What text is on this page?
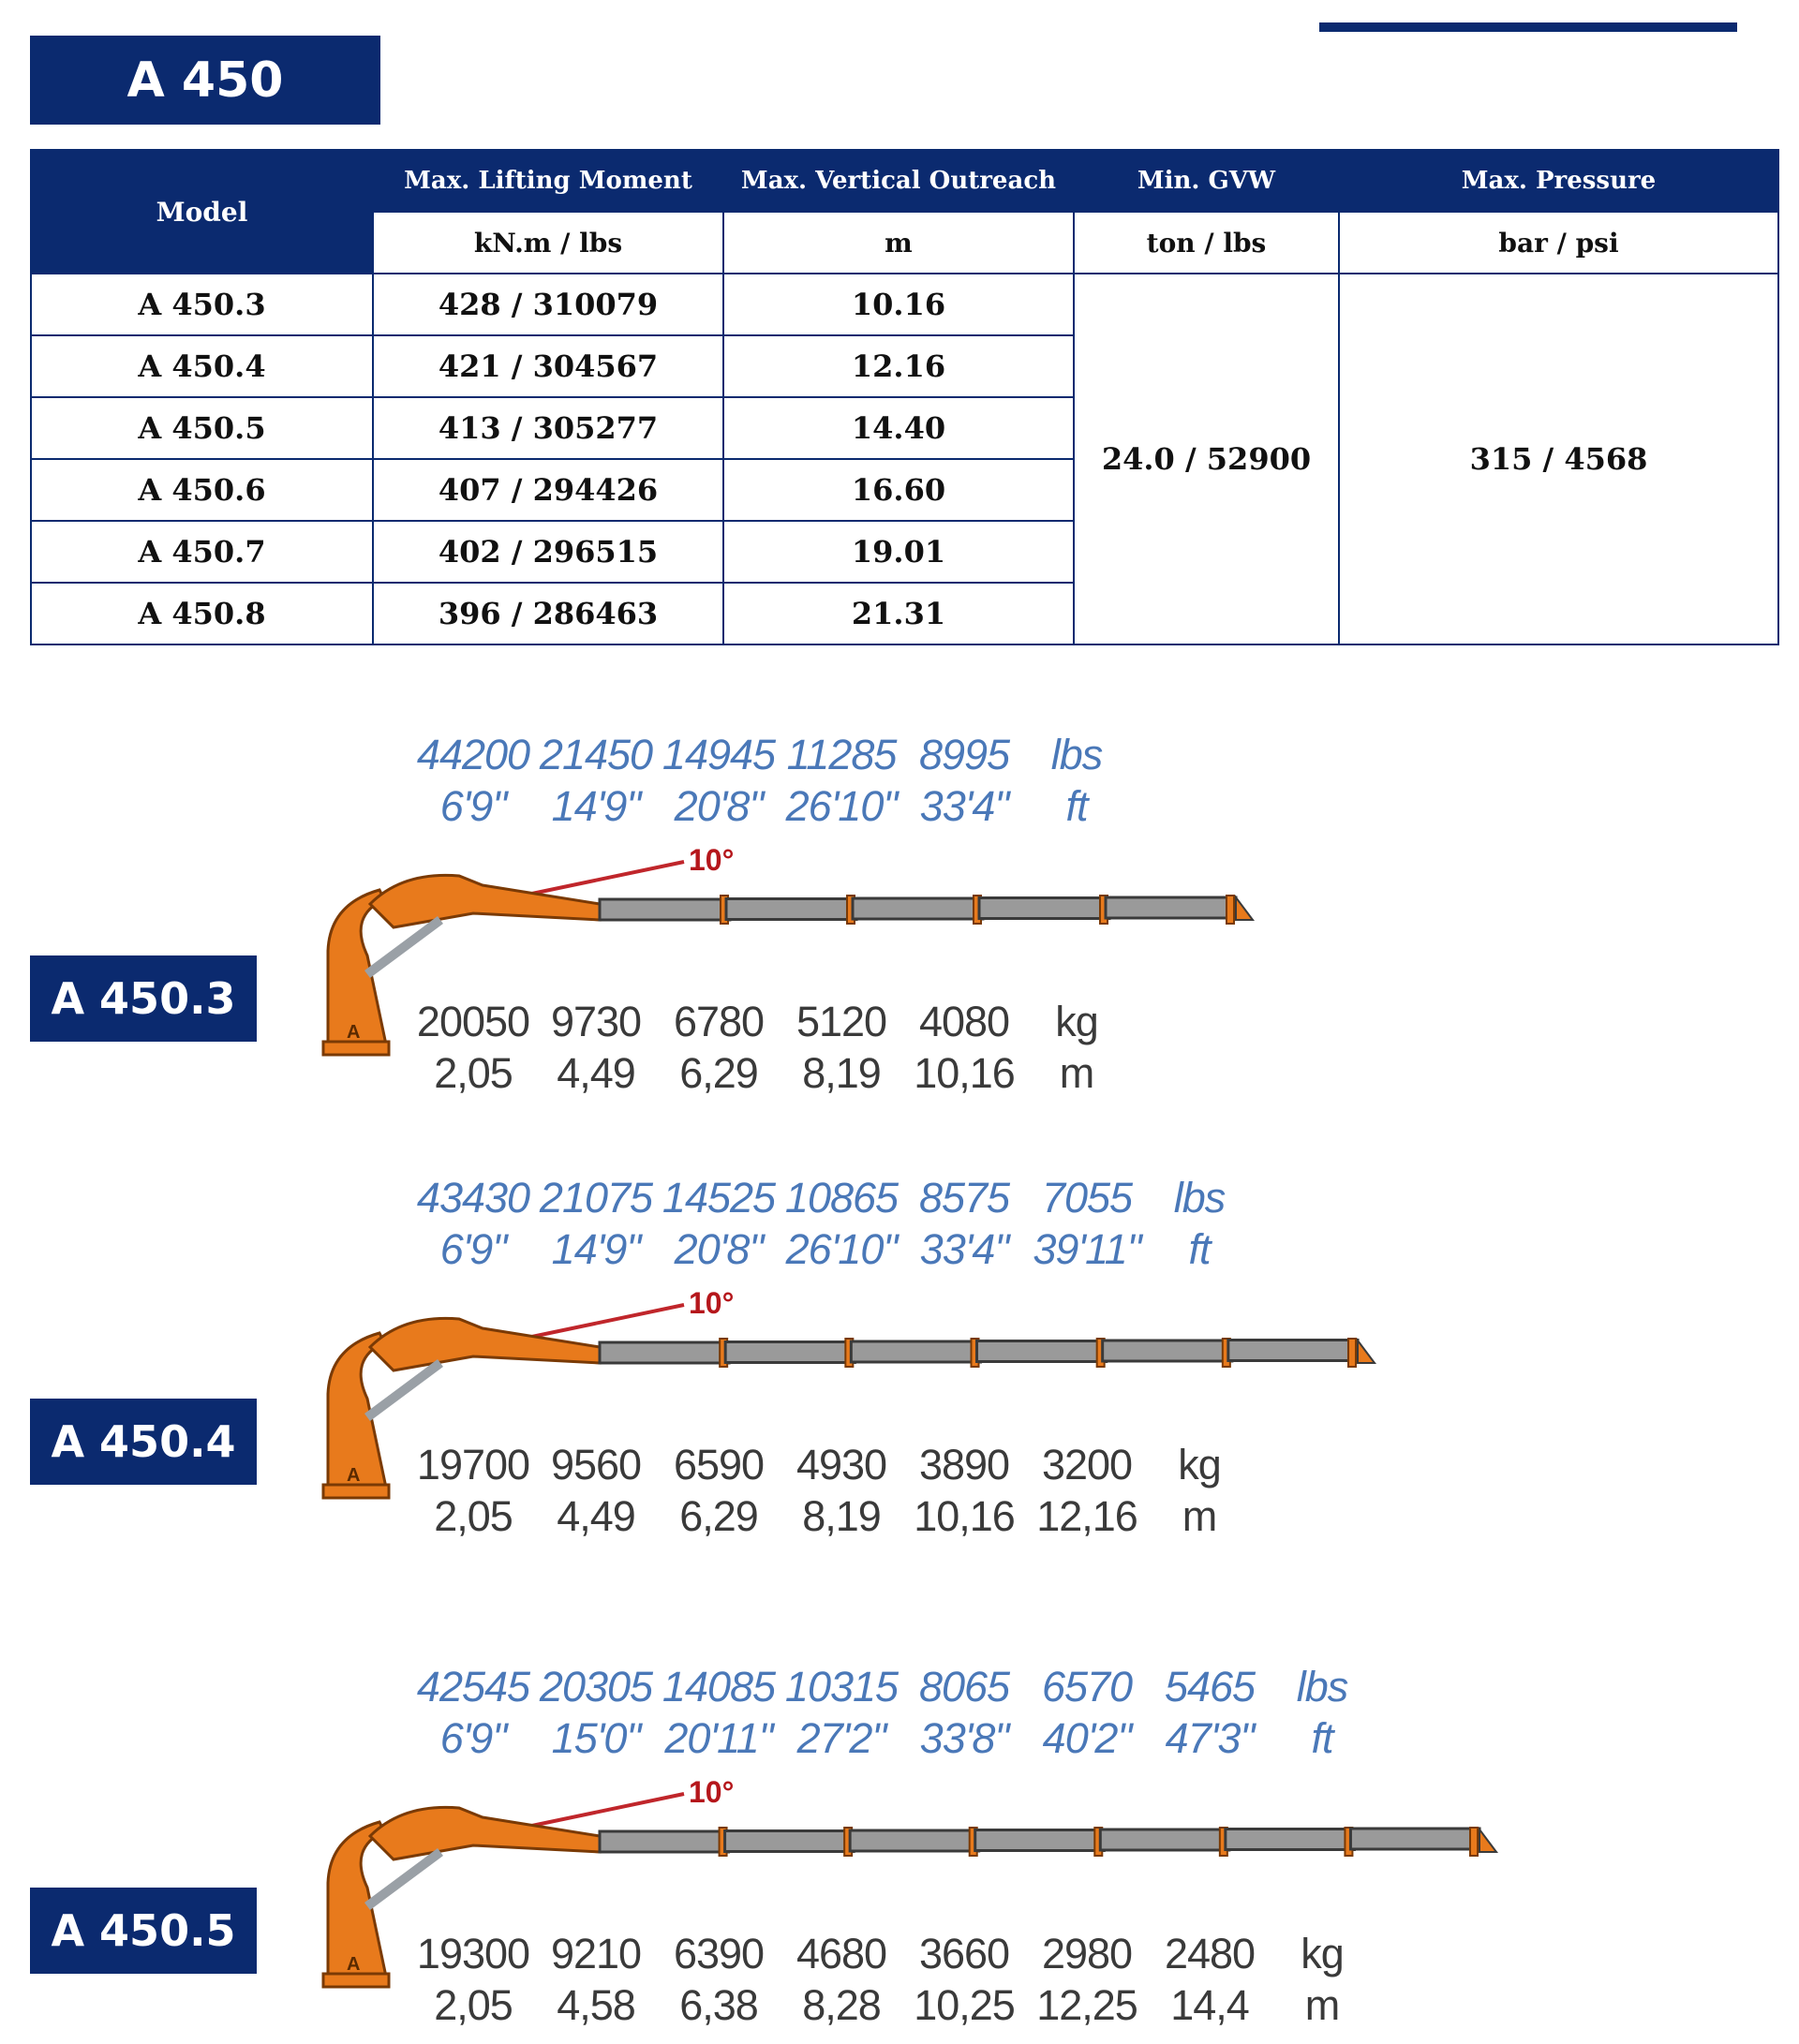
A 450
Model	Max. Lifting Moment	Max. Vertical Outreach	Min. GVW	Max. Pressure
	kN.m / lbs	m	ton / lbs	bar / psi
A 450.3	428 / 310079	10.16	24.0 / 52900	315 / 4568
A 450.4	421 / 304567	12.16		
A 450.5	413 / 305277	14.40		
A 450.6	407 / 294426	16.60		
A 450.7	402 / 296515	19.01		
A 450.8	396 / 286463	21.31		
A 450.3
44200 21450 14945 11285 8995 lbs
6'9" 14'9" 20'8" 26'10" 33'4" ft
20050 9730 6780 5120 4080 kg
2,05 4,49 6,29 8,19 10,16 m
10°
A
A 450.4
43430 21075 14525 10865 8575 7055 lbs
6'9" 14'9" 20'8" 26'10" 33'4" 39'11" ft
19700 9560 6590 4930 3890 3200 kg
2,05 4,49 6,29 8,19 10,16 12,16 m
10°
A
A 450.5
42545 20305 14085 10315 8065 6570 5465 lbs
6'9" 15'0" 20'11" 27'2" 33'8" 40'2" 47'3" ft
19300 9210 6390 4680 3660 2980 2480 kg
2,05 4,58 6,38 8,28 10,25 12,25 14,4 m
10°
A
